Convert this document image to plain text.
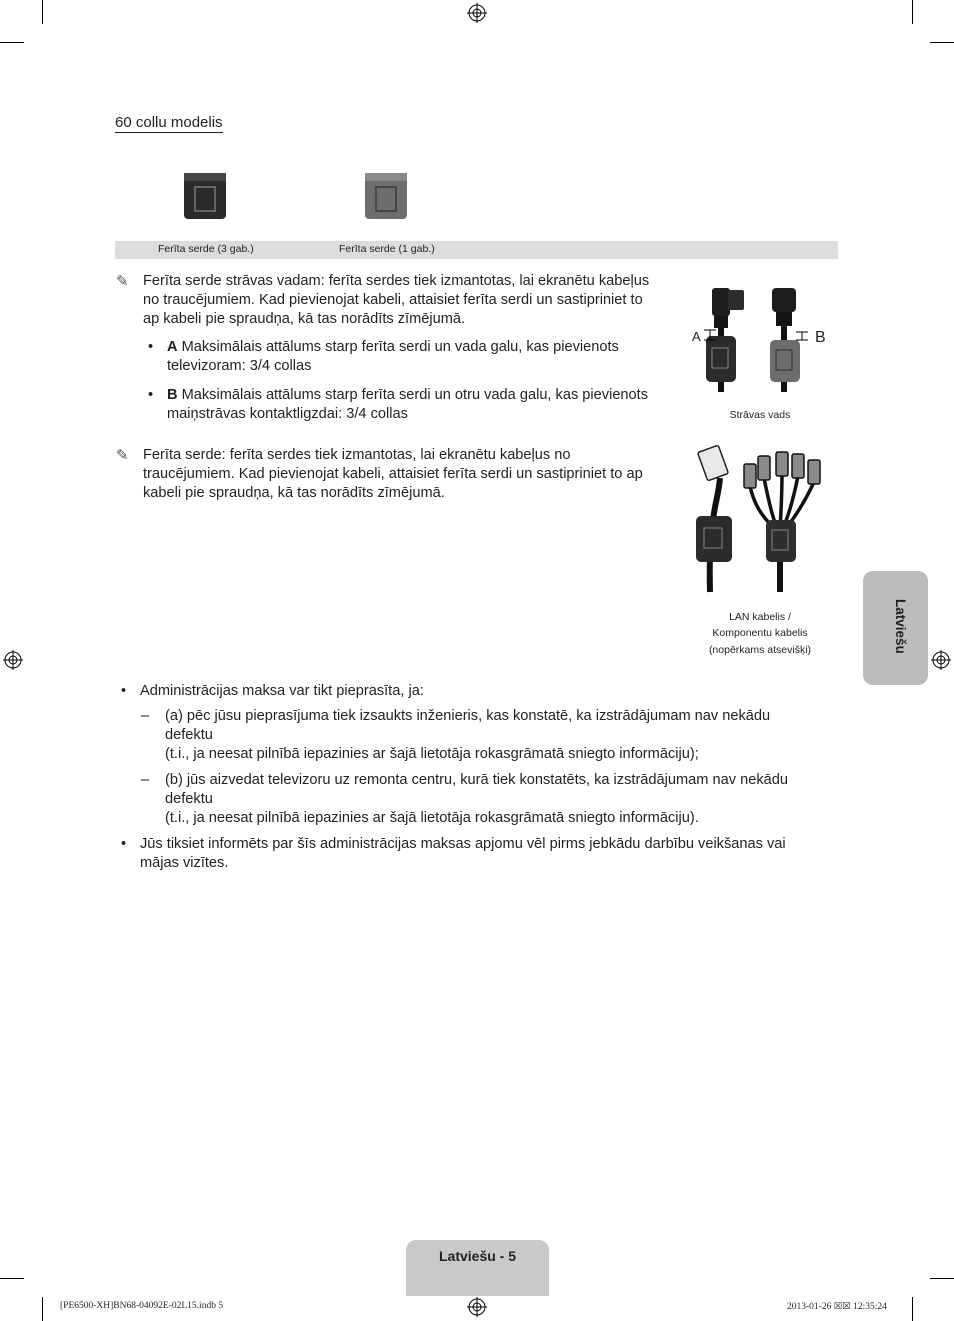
60 collu modelis
Ferīta serde (3 gab.)	Ferīta serde (1 gab.)
✎ Ferīta serde strāvas vadam: ferīta serdes tiek izmantotas, lai ekranētu kabeļus
no traucējumiem. Kad pievienojat kabeli, attaisiet ferīta serdi un sastipriniet to
ap kabeli pie spraudņa, kā tas norādīts zīmējumā.
• A Maksimālais attālums starp ferīta serdi un vada galu, kas pievienots
televizoram: 3/4 collas
• B Maksimālais attālums starp ferīta serdi un otru vada galu, kas pievienots
maiņstrāvas kontaktligzdai: 3/4 collas
A	B
Strāvas vads
✎ Ferīta serde: ferīta serdes tiek izmantotas, lai ekranētu kabeļus no
traucējumiem. Kad pievienojat kabeli, attaisiet ferīta serdi un sastipriniet to ap
kabeli pie spraudņa, kā tas norādīts zīmējumā.
LAN kabelis /
Komponentu kabelis
(nopērkams atsevišķi)	Latviešu
• Administrācijas maksa var tikt pieprasīta, ja:
– (a) pēc jūsu pieprasījuma tiek izsaukts inženieris, kas konstatē, ka izstrādājumam nav nekādu
defektu
(t.i., ja neesat pilnībā iepazinies ar šajā lietotāja rokasgrāmatā sniegto informāciju);
– (b) jūs aizvedat televizoru uz remonta centru, kurā tiek konstatēts, ka izstrādājumam nav nekādu
defektu
(t.i., ja neesat pilnībā iepazinies ar šajā lietotāja rokasgrāmatā sniegto informāciju).
• Jūs tiksiet informēts par šīs administrācijas maksas apjomu vēl pirms jebkādu darbību veikšanas vai
mājas vizītes.
Latviešu - 5
[PE6500-XH]BN68-04092E-02L15.indb 5	2013-01-26 ☒☒ 12:35:24
